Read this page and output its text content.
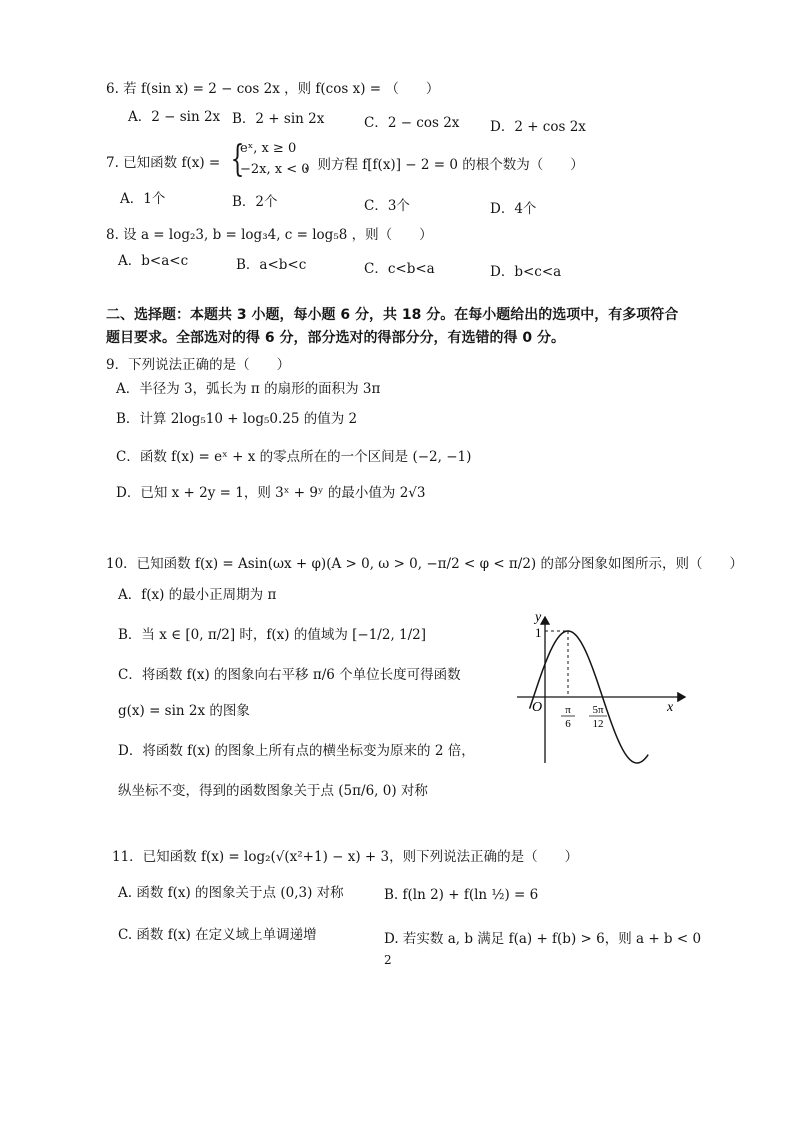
6. 若 f(sin x) = 2 − cos 2x ，则 f(cos x) = （　　）
A．2 − sin 2x B．2 + sin 2x	C．2 − cos 2x D．2 + cos 2x
7. 已知函数 f(x) = {
eˣ, x ≥ 0
−2x, x < 0
，则方程 f[f(x)] − 2 = 0 的根个数为（　　）
A．1个	B．2个	C．3个	D．4个
8. 设 a = log₂3, b = log₃4, c = log₅8 ，则（　　）
A．b<a<c	B．a<b<c	C．c<b<a	D．b<c<a
二、选择题：本题共 3 小题，每小题 6 分，共 18 分。在每小题给出的选项中，有多项符合
题目要求。全部选对的得 6 分，部分选对的得部分分，有选错的得 0 分。
9．下列说法正确的是（　　）
A．半径为 3，弧长为 π 的扇形的面积为 3π
B．计算 2log₅10 + log₅0.25 的值为 2
C．函数 f(x) = eˣ + x 的零点所在的一个区间是 (−2, −1)
D．已知 x + 2y = 1，则 3ˣ + 9ʸ 的最小值为 2√3
10．已知函数 f(x) = Asin(ωx + φ)(A > 0, ω > 0, −π/2 < φ < π/2) 的部分图象如图所示，则（　　）
A．f(x) 的最小正周期为 π
B．当 x ∈ [0, π/2] 时，f(x) 的值域为 [−1/2, 1/2]
C．将函数 f(x) 的图象向右平移 π/6 个单位长度可得函数
g(x) = sin 2x 的图象
D．将函数 f(x) 的图象上所有点的横坐标变为原来的 2 倍，
纵坐标不变，得到的函数图象关于点 (5π/6, 0) 对称
y
x
O
1
π
6
5π
12
11．已知函数 f(x) = log₂(√(x²+1) − x) + 3，则下列说法正确的是（　　）
A. 函数 f(x) 的图象关于点 (0,3) 对称	B. f(ln 2) + f(ln ½) = 6
C. 函数 f(x) 在定义域上单调递增	D. 若实数 a, b 满足 f(a) + f(b) > 6，则 a + b < 0
2
